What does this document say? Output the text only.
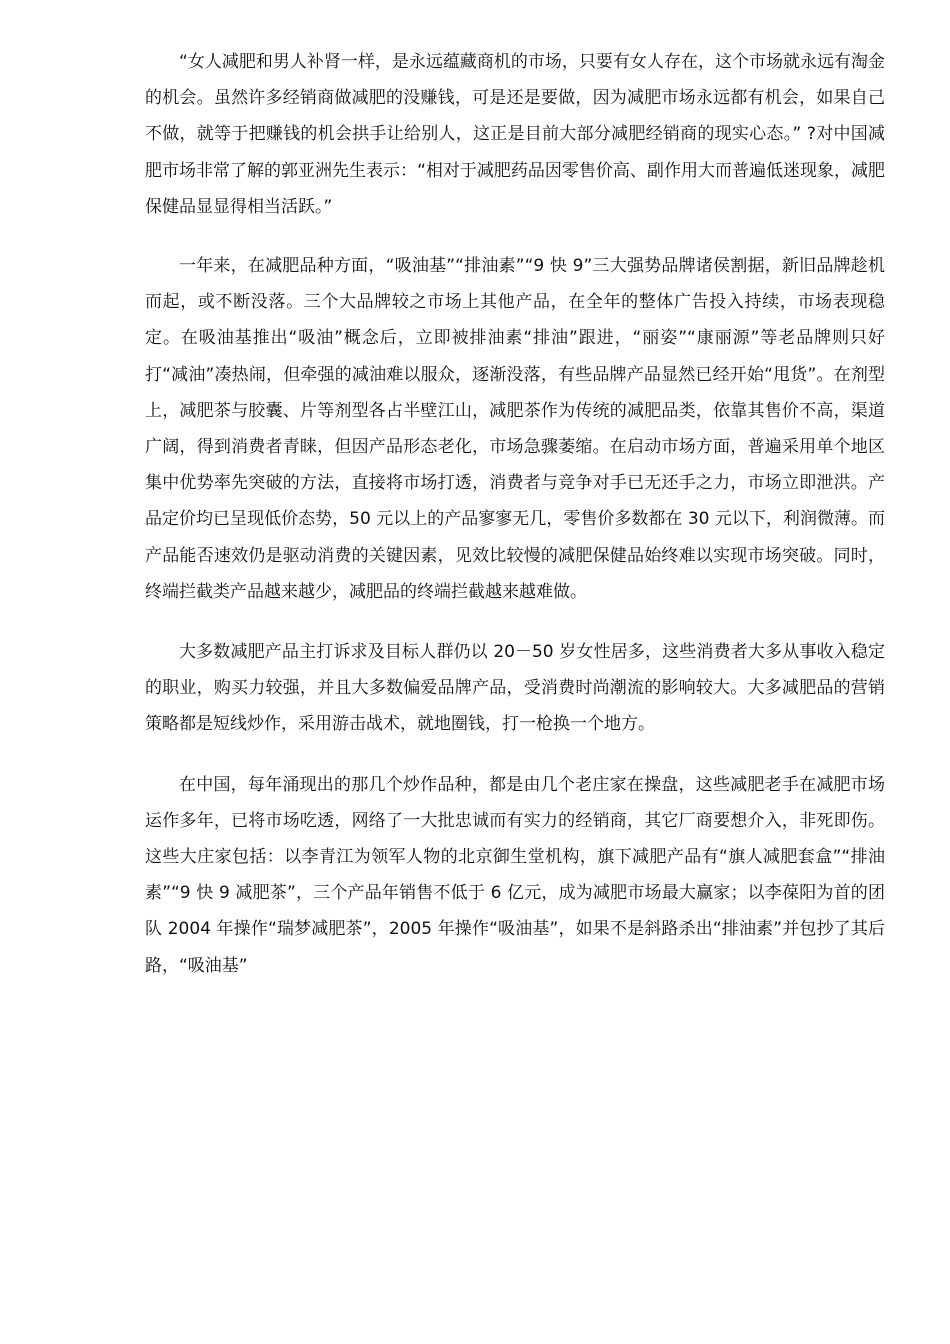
“女人减肥和男人补肾一样，是永远蕴藏商机的市场，只要有女人存在，这个市场就永远有淘金的机会。虽然许多经销商做减肥的没赚钱，可是还是要做，因为减肥市场永远都有机会，如果自己不做，就等于把赚钱的机会拱手让给别人，这正是目前大部分减肥经销商的现实心态。” ?对中国减肥市场非常了解的郭亚洲先生表示：“相对于减肥药品因零售价高、副作用大而普遍低迷现象，减肥保健品显显得相当活跃。”

一年来，在减肥品种方面，“吸油基”“排油素”“9 快 9”三大强势品牌诸侯割据，新旧品牌趁机而起，或不断没落。三个大品牌较之市场上其他产品，在全年的整体广告投入持续，市场表现稳定。在吸油基推出“吸油”概念后，立即被排油素“排油”跟进，“丽姿”“康丽源”等老品牌则只好打“减油”凑热闹，但牵强的减油难以服众，逐渐没落，有些品牌产品显然已经开始“甩货”。在剂型上，减肥茶与胶囊、片等剂型各占半壁江山，减肥茶作为传统的减肥品类，依靠其售价不高，渠道广阔，得到消费者青睐，但因产品形态老化，市场急骤萎缩。在启动市场方面，普遍采用单个地区集中优势率先突破的方法，直接将市场打透，消费者与竞争对手已无还手之力，市场立即泄洪。产品定价均已呈现低价态势，50 元以上的产品寥寥无几，零售价多数都在 30 元以下，利润微薄。而产品能否速效仍是驱动消费的关键因素，见效比较慢的减肥保健品始终难以实现市场突破。同时，终端拦截类产品越来越少，减肥品的终端拦截越来越难做。

大多数减肥产品主打诉求及目标人群仍以 20－50 岁女性居多，这些消费者大多从事收入稳定的职业，购买力较强，并且大多数偏爱品牌产品，受消费时尚潮流的影响较大。大多减肥品的营销策略都是短线炒作，采用游击战术，就地圈钱，打一枪换一个地方。

在中国，每年涌现出的那几个炒作品种，都是由几个老庄家在操盘，这些减肥老手在减肥市场运作多年，已将市场吃透，网络了一大批忠诚而有实力的经销商，其它厂商要想介入，非死即伤。这些大庄家包括：以李青江为领军人物的北京御生堂机构，旗下减肥产品有“旗人减肥套盒”“排油素”“9 快 9 减肥茶”，三个产品年销售不低于 6 亿元，成为减肥市场最大赢家；以李葆阳为首的团队 2004 年操作“瑞梦减肥茶”，2005 年操作“吸油基”，如果不是斜路杀出“排油素”并包抄了其后路，“吸油基”
